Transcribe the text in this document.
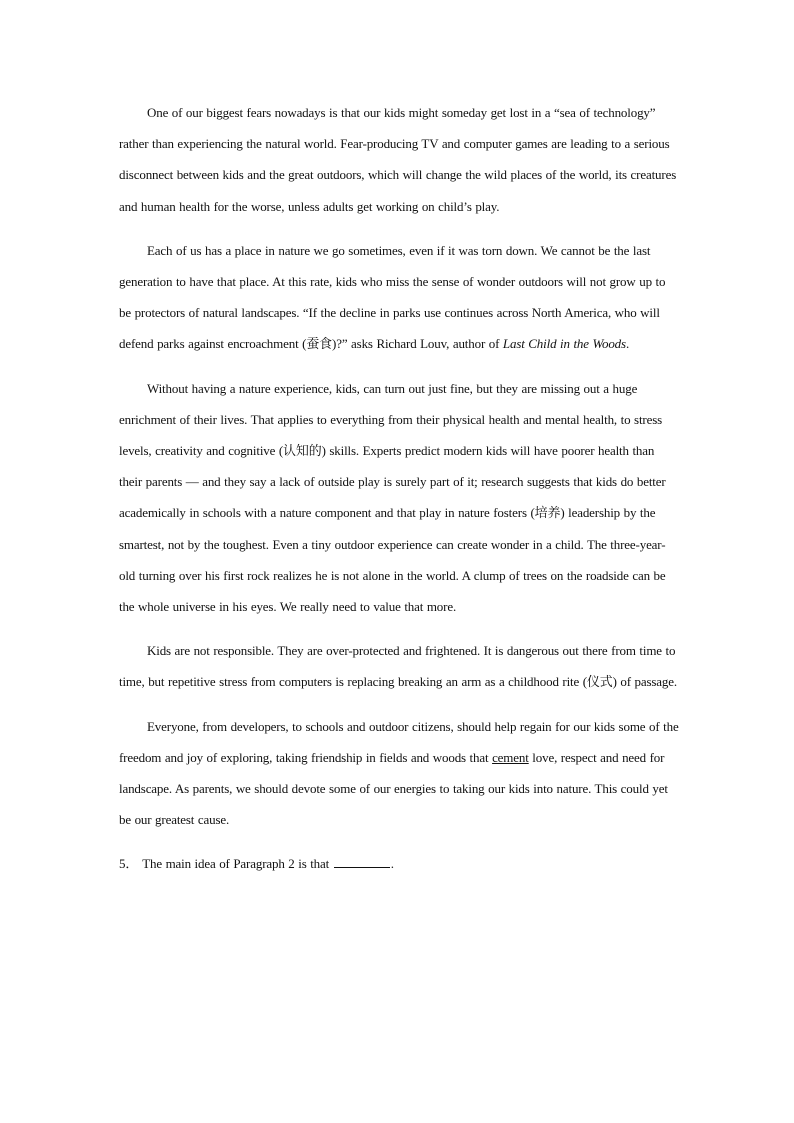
One of our biggest fears nowadays is that our kids might someday get lost in a “sea of technology” rather than experiencing the natural world. Fear-producing TV and computer games are leading to a serious disconnect between kids and the great outdoors, which will change the wild places of the world, its creatures and human health for the worse, unless adults get working on child’s play.

Each of us has a place in nature we go sometimes, even if it was torn down. We cannot be the last generation to have that place. At this rate, kids who miss the sense of wonder outdoors will not grow up to be protectors of natural landscapes. “If the decline in parks use continues across North America, who will defend parks against encroachment (蚕食)?” asks Richard Louv, author of Last Child in the Woods.

Without having a nature experience, kids, can turn out just fine, but they are missing out a huge enrichment of their lives. That applies to everything from their physical health and mental health, to stress levels, creativity and cognitive (认知的) skills. Experts predict modern kids will have poorer health than their parents — and they say a lack of outside play is surely part of it; research suggests that kids do better academically in schools with a nature component and that play in nature fosters (培养) leadership by the smartest, not by the toughest. Even a tiny outdoor experience can create wonder in a child. The three-year-old turning over his first rock realizes he is not alone in the world. A clump of trees on the roadside can be the whole universe in his eyes. We really need to value that more.

Kids are not responsible. They are over-protected and frightened. It is dangerous out there from time to time, but repetitive stress from computers is replacing breaking an arm as a childhood rite (仪式) of passage.

Everyone, from developers, to schools and outdoor citizens, should help regain for our kids some of the freedom and joy of exploring, taking friendship in fields and woods that cement love, respect and need for landscape. As parents, we should devote some of our energies to taking our kids into nature. This could yet be our greatest cause.

5． The main idea of Paragraph 2 is that	.
